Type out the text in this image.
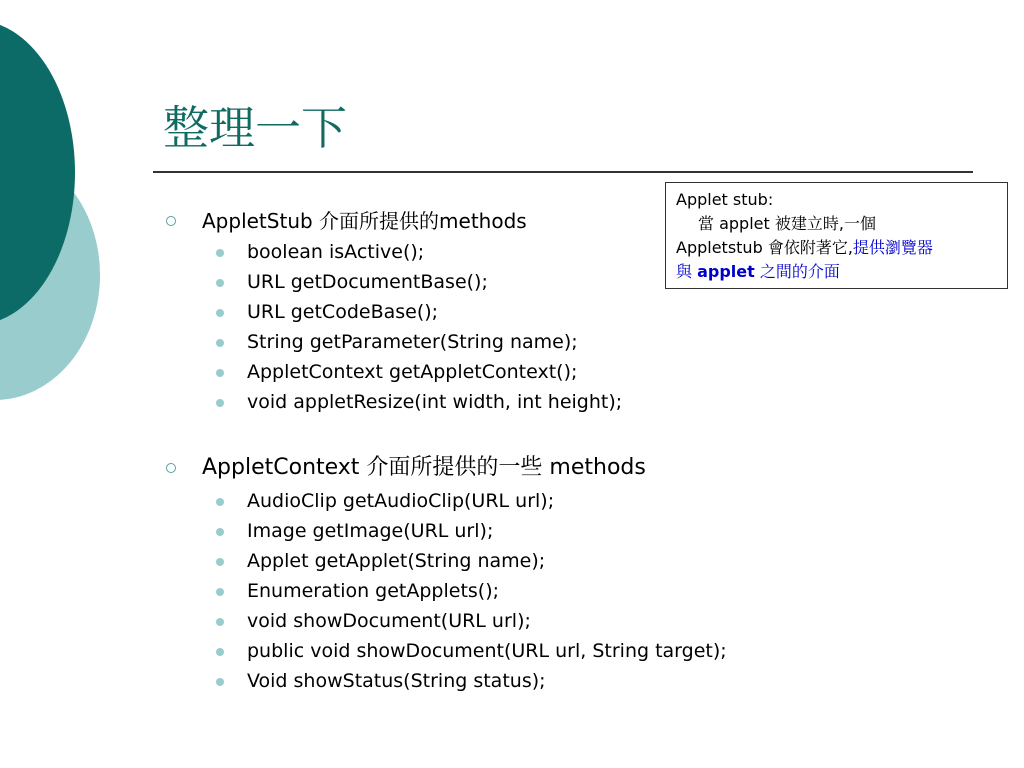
整理一下
Applet stub:
當 applet 被建立時,一個
Appletstub 會依附著它,提供瀏覽器
與 applet 之間的介面
AppletStub 介面所提供的methods
boolean isActive();
URL getDocumentBase();
URL getCodeBase();
String getParameter(String name);
AppletContext getAppletContext();
void appletResize(int width, int height);
AppletContext 介面所提供的一些 methods
AudioClip getAudioClip(URL url);
Image getImage(URL url);
Applet getApplet(String name);
Enumeration getApplets();
void showDocument(URL url);
public void showDocument(URL url, String target);
Void showStatus(String status);
